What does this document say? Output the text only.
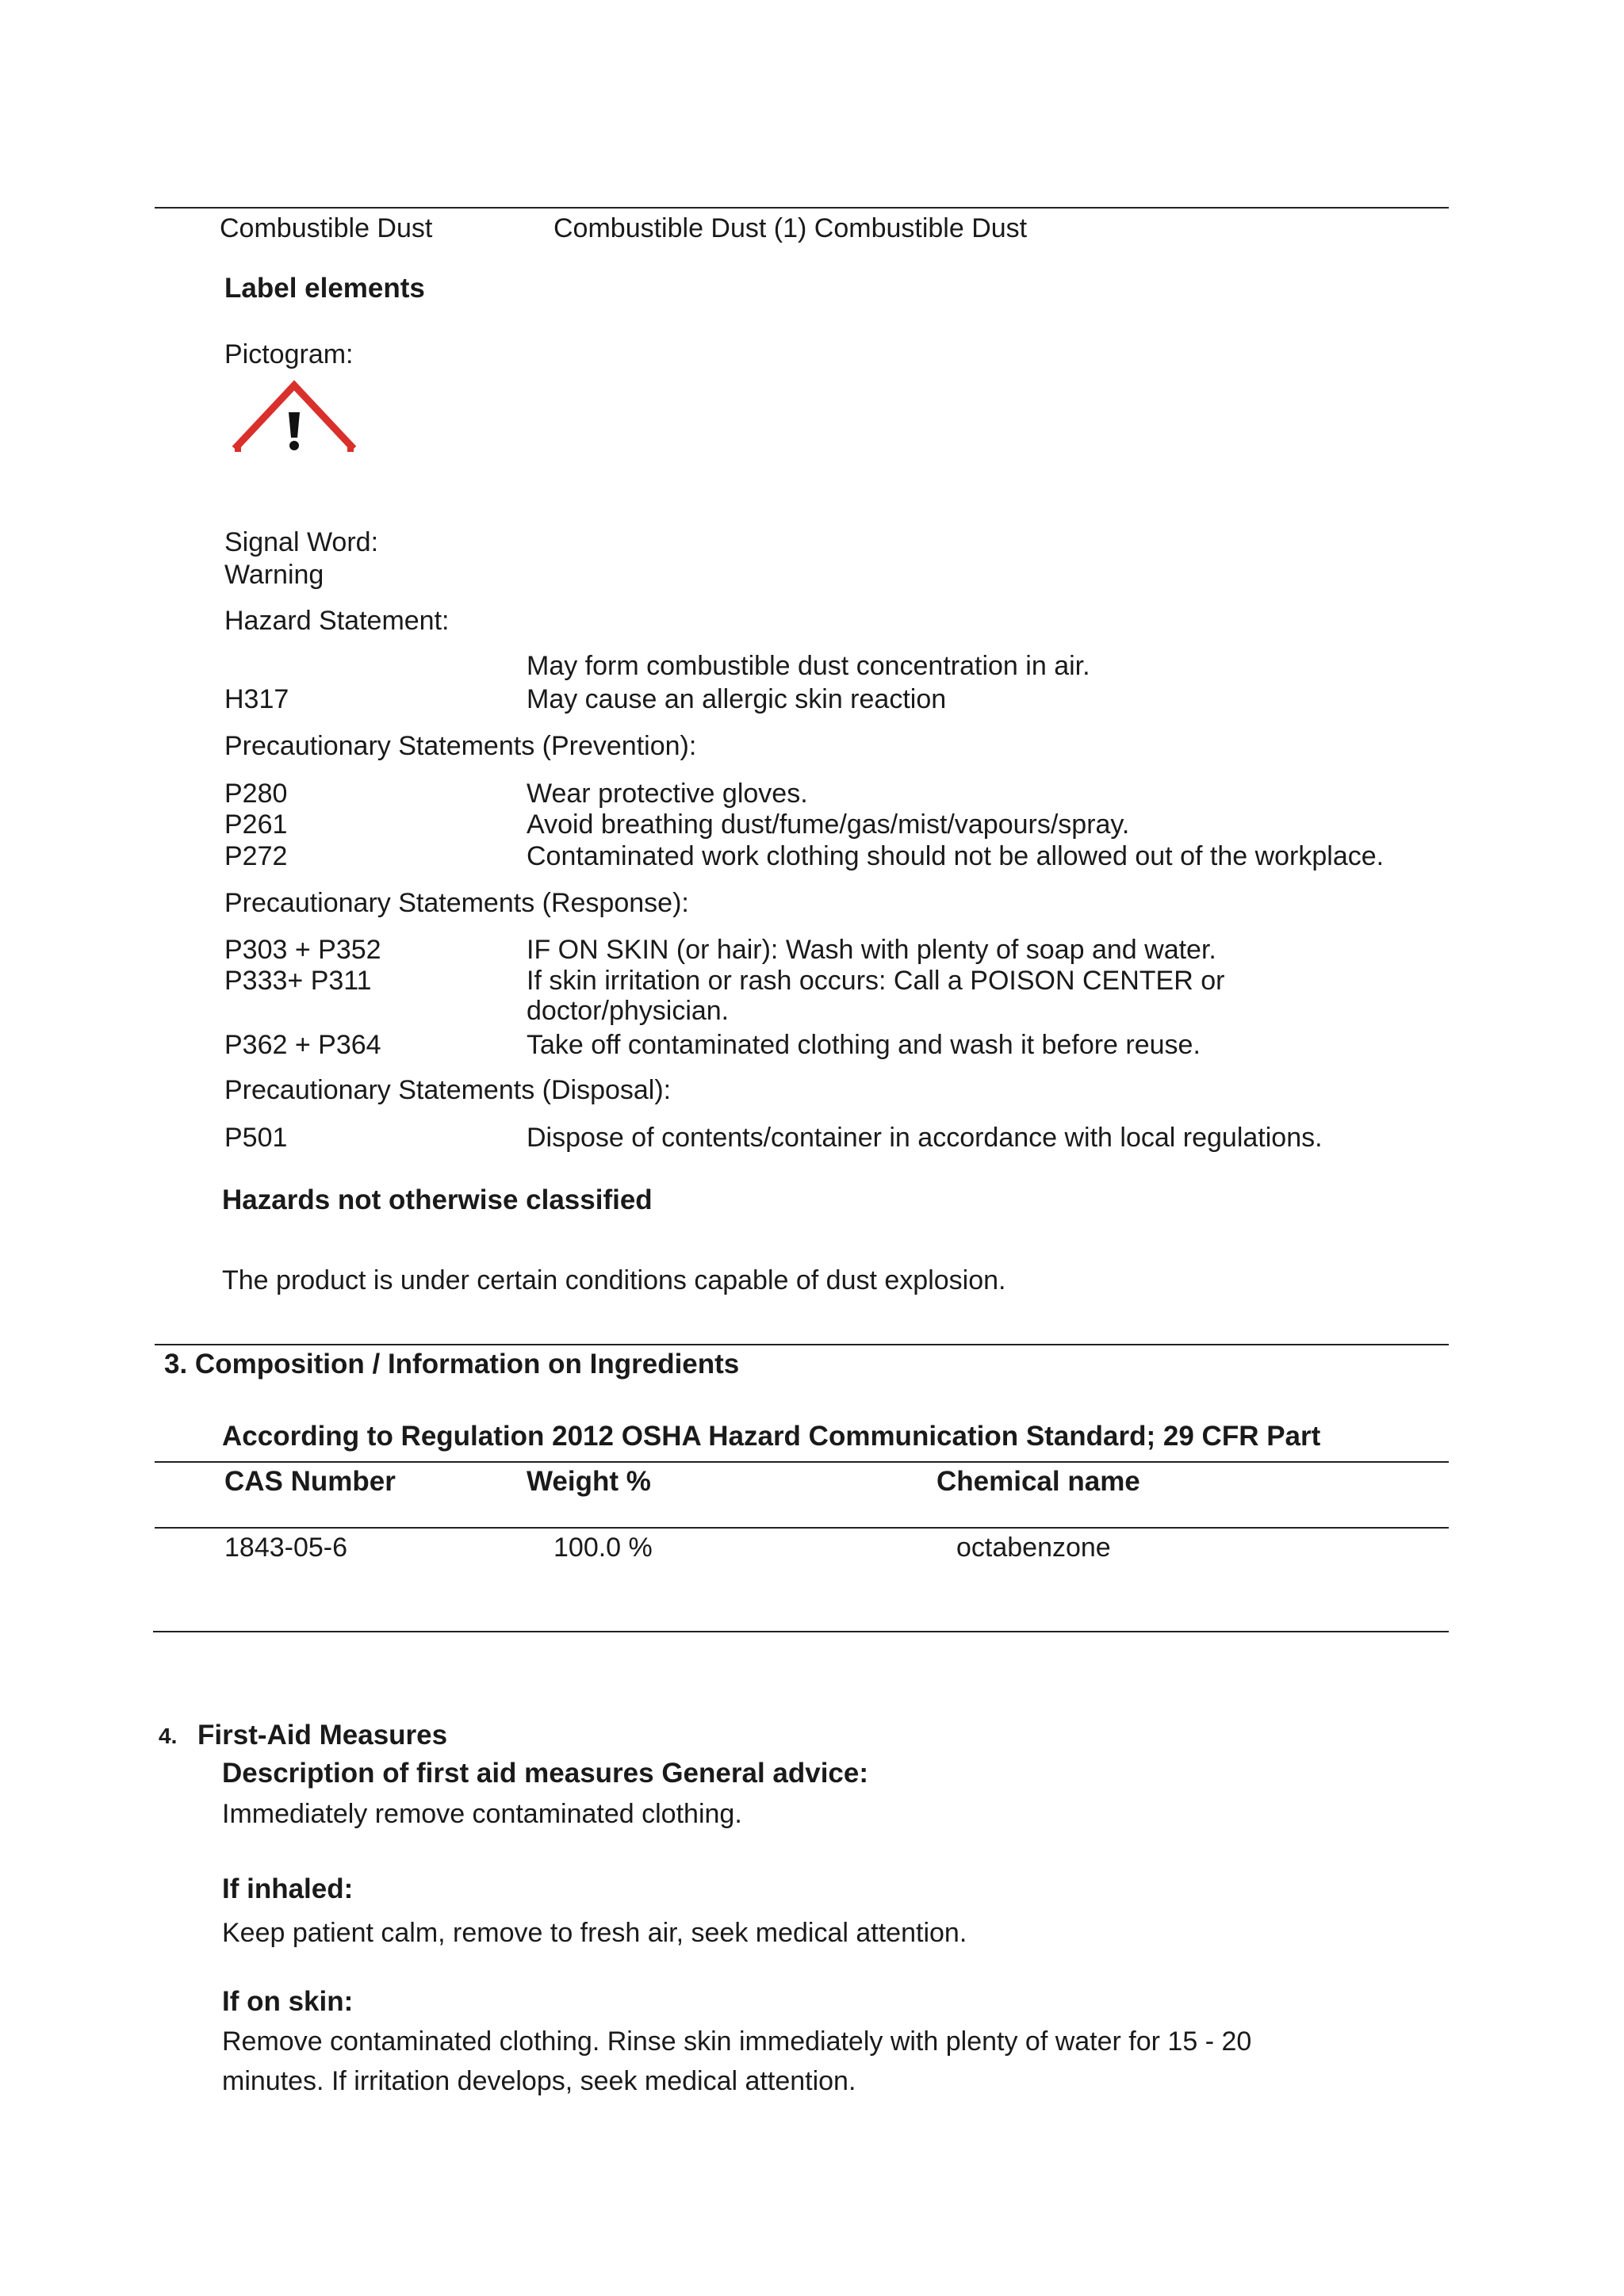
Combustible Dust	Combustible Dust (1) Combustible Dust
Label elements
Pictogram:
Signal Word:
Warning
Hazard Statement:
May form combustible dust concentration in air.
H317	May cause an allergic skin reaction
Precautionary Statements (Prevention):
P280	Wear protective gloves.
P261	Avoid breathing dust/fume/gas/mist/vapours/spray.
P272	Contaminated work clothing should not be allowed out of the workplace.
Precautionary Statements (Response):
P303 + P352	IF ON SKIN (or hair): Wash with plenty of soap and water.
P333+ P311	If skin irritation or rash occurs: Call a POISON CENTER or
doctor/physician.
P362 + P364	Take off contaminated clothing and wash it before reuse.
Precautionary Statements (Disposal):
P501	Dispose of contents/container in accordance with local regulations.
Hazards not otherwise classified
The product is under certain conditions capable of dust explosion.
3. Composition / Information on Ingredients
According to Regulation 2012 OSHA Hazard Communication Standard; 29 CFR Part
CAS Number	Weight %	Chemical name
1843-05-6	100.0 %	octabenzone
4. First-Aid Measures
Description of first aid measures General advice:
Immediately remove contaminated clothing.
If inhaled:
Keep patient calm, remove to fresh air, seek medical attention.
If on skin:
Remove contaminated clothing. Rinse skin immediately with plenty of water for 15 - 20
minutes. If irritation develops, seek medical attention.
